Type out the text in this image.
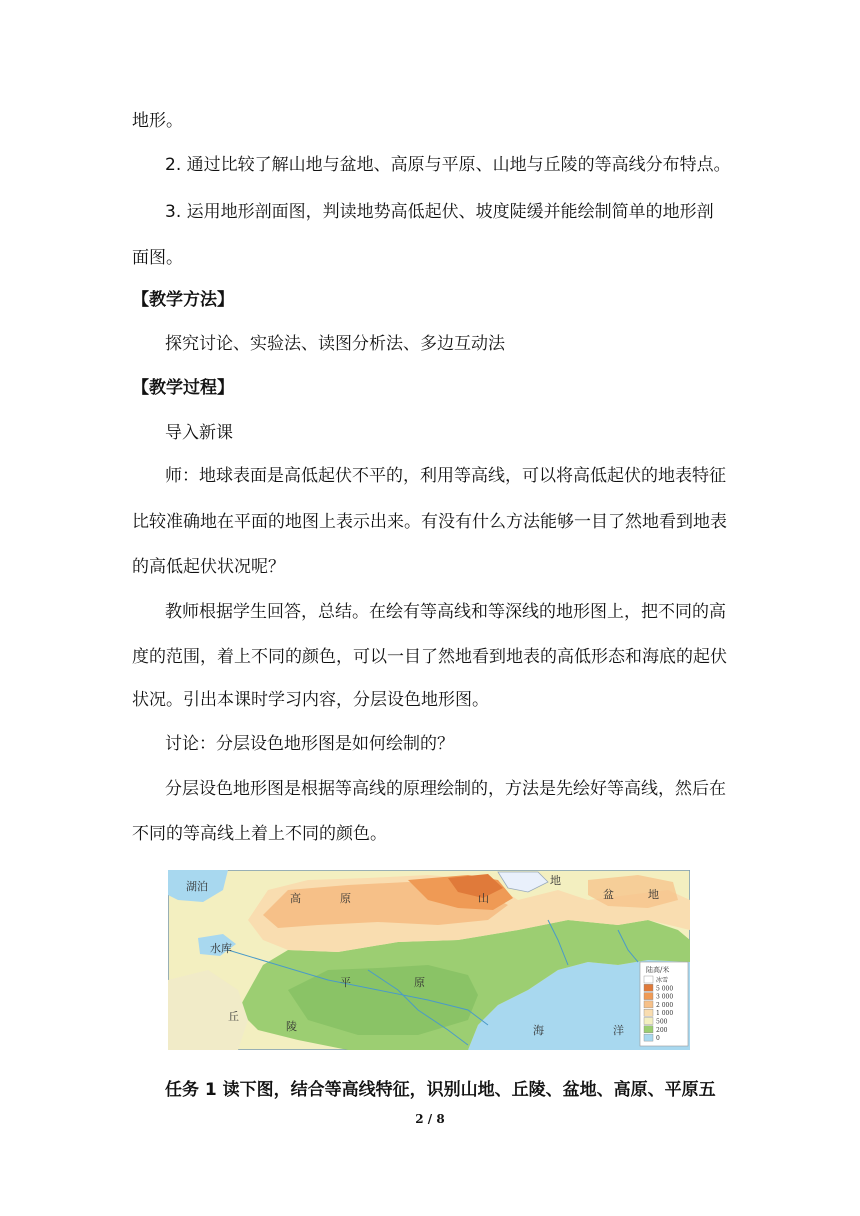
地形。
2. 通过比较了解山地与盆地、高原与平原、山地与丘陵的等高线分布特点。
3. 运用地形剖面图，判读地势高低起伏、坡度陡缓并能绘制简单的地形剖
面图。
【教学方法】
探究讨论、实验法、读图分析法、多边互动法
【教学过程】
导入新课
师：地球表面是高低起伏不平的，利用等高线，可以将高低起伏的地表特征
比较准确地在平面的地图上表示出来。有没有什么方法能够一目了然地看到地表
的高低起伏状况呢？
教师根据学生回答，总结。在绘有等高线和等深线的地形图上，把不同的高
度的范围，着上不同的颜色，可以一目了然地看到地表的高低形态和海底的起伏
状况。引出本课时学习内容，分层设色地形图。
讨论：分层设色地形图是如何绘制的？
分层设色地形图是根据等高线的原理绘制的，方法是先绘好等高线，然后在
不同的等高线上着上不同的颜色。
湖泊
高	原	山
地
盆	地
水库
平	原
丘
陵	海	洋
陆高/米
冰雪
5 000
3 000
2 000
1 000
500
200
0
任务 1 读下图，结合等高线特征，识别山地、丘陵、盆地、高原、平原五
2 / 8
